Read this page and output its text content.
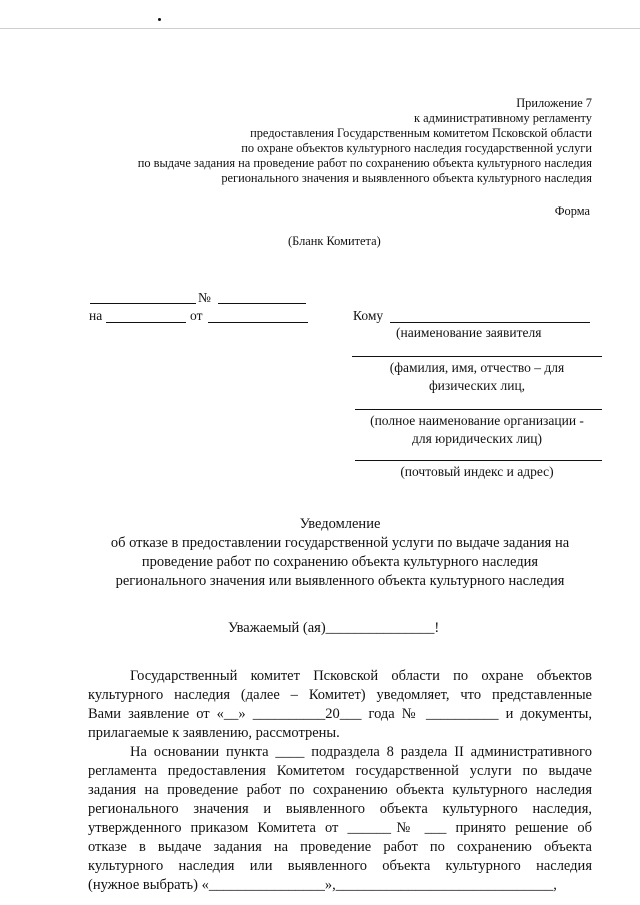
Приложение 7
к административному регламенту
предоставления Государственным комитетом Псковской области
по охране объектов культурного наследия государственной услуги
по выдаче задания на проведение работ по сохранению объекта культурного наследия
регионального значения и выявленного объекта культурного наследия
Форма
(Бланк Комитета)
№
на	от	Кому
(наименование заявителя
(фамилия, имя, отчество – для
физических лиц,
(полное наименование организации -
для юридических лиц)
(почтовый индекс и адрес)
Уведомление
об отказе в предоставлении государственной услуги по выдаче задания на
проведение работ по сохранению объекта культурного наследия
регионального значения или выявленного объекта культурного наследия
Уважаемый (ая)_______________!
Государственный комитет Псковской области по охране объектов
культурного наследия (далее – Комитет) уведомляет, что представленные
Вами заявление от «__» __________20___ года № __________ и документы,
прилагаемые к заявлению, рассмотрены.
На основании пункта ____ подраздела 8 раздела II административного
регламента предоставления Комитетом государственной услуги по выдаче
задания на проведение работ по сохранению объекта культурного наследия
регионального значения и выявленного объекта культурного наследия,
утвержденного приказом Комитета от ______№ ___ принято решение об
отказе в выдаче задания на проведение работ по сохранению объекта
культурного наследия или выявленного объекта культурного наследия
(нужное выбрать) «________________»,______________________________,
